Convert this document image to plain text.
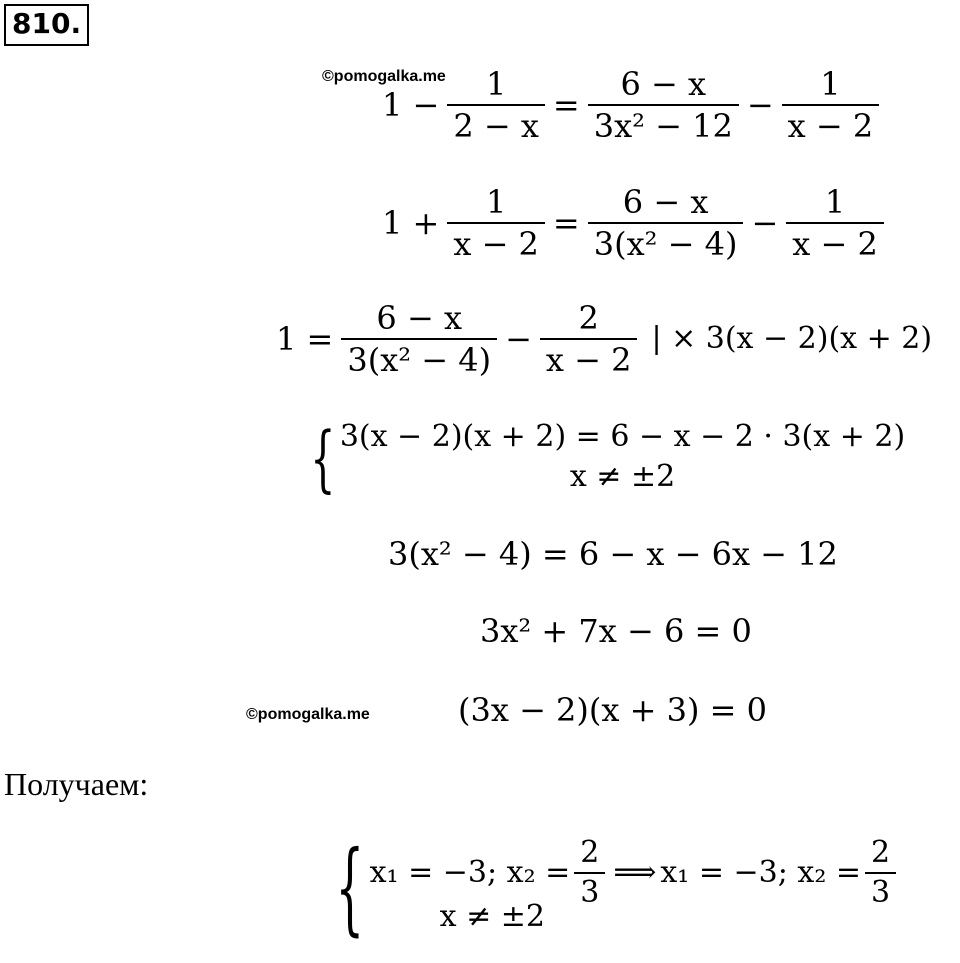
810.
©pomogalka.me
$1 - \frac{1}{2 - x} = \frac{6 - x}{\text{3x² − 12}} - \frac{1}{x - 2}$
$1 + \frac{1}{x - 2} = \frac{6 - x}{\text{3(x² − 4)}} - \frac{1}{x - 2}$
$1 = \frac{6 - x}{\text{3(x² − 4)}} - \frac{2}{x - 2}$ | × 3(x − 2)(x + 2)
{ 3(x − 2)(x + 2) = 6 − x − 2 · 3(x + 2)
x ≠ ±2
3(x² − 4) = 6 − x − 6x − 12
3x² + 7x − 6 = 0
©pomogalka.me	(3x − 2)(x + 3) = 0
Получаем:
{ x₁ = −3; $x_2 = \frac{2}{3}$ ⟹ x₁ = −3; $x_2 = \frac{2}{3}$
x ≠ ±2
